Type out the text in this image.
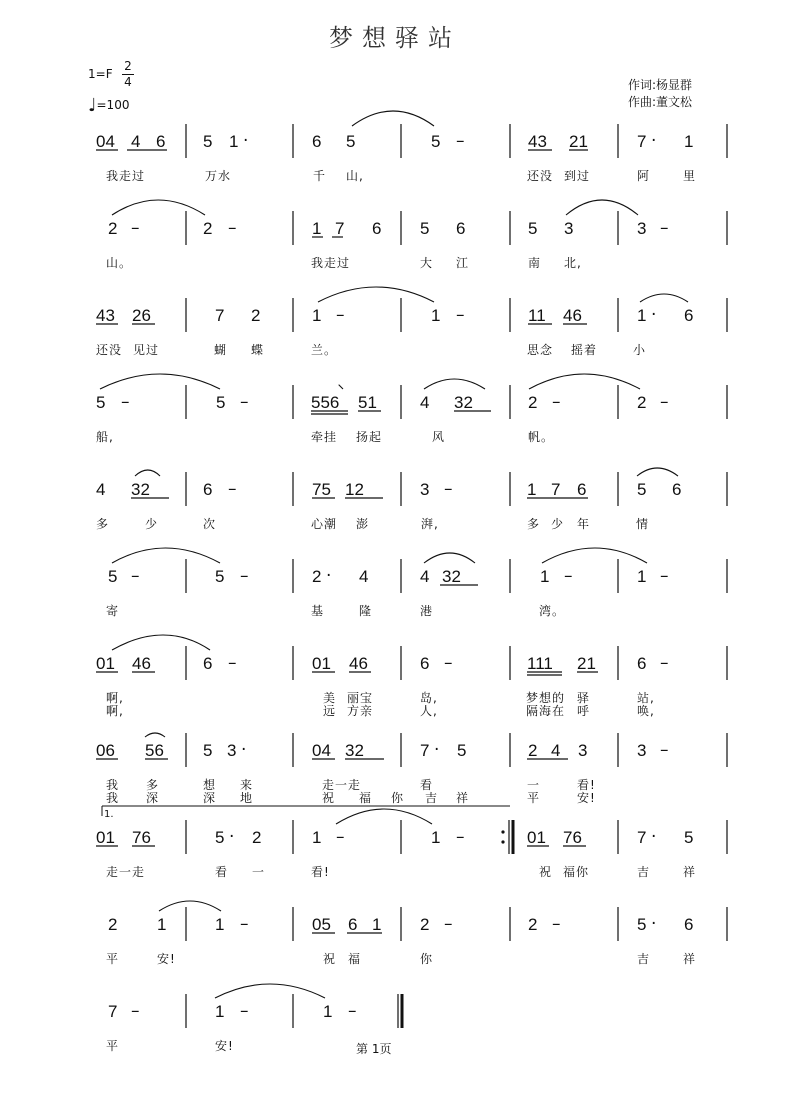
梦想驿站
1=F
2
4
♩=100
作词:杨显群
作曲:董文松
04 4 6 5 1 ·	6 5	5 –	43 21	7 · 1
我走过	万水	千 山,	还没 到过	阿	里
2 –	2 –	1 7 6 5 6	5 3	3 –
山。	我走过	大 江	南 北,
43 26	7 2	1 –	1 –	11 46	1 · 6
还没 见过	蝴 蝶	兰。	思念 摇着	小
5 –	5 –	556 51	4 32	2 –	2 –
船,	牵挂 扬起	风	帆。
4 32	6 –	75 12	3 –	1 7 6	5 6
多	少	次	心潮 澎	湃,	多 少 年	情
5 –	5 –	2 · 4	4 32	1 –	1 –
寄	基	隆	港	湾。
01 46	6 –	01 46	6 –	111 21 6 –
啊,	美 丽宝	岛,	梦想的 驿	站,
啊,	远 方亲	人,	隔海在 呼	唤,
06 56 5 3 ·	04 32	7 · 5	2 4 3	3 –
我 多	想 来	走一走	看	一	看!
我 深	深 地	祝 福 你 吉 祥	平	安!
1.
01 76	5 · 2	1 –	1 –	01 76	7 · 5
走一走	看 一	看!	祝 福你	吉	祥
2 1	1 –	05 6 1 2 –	2 –	5 · 6
平	安!	祝 福	你	吉	祥
7 –	1 –	1 –
平	安!	第 1页
